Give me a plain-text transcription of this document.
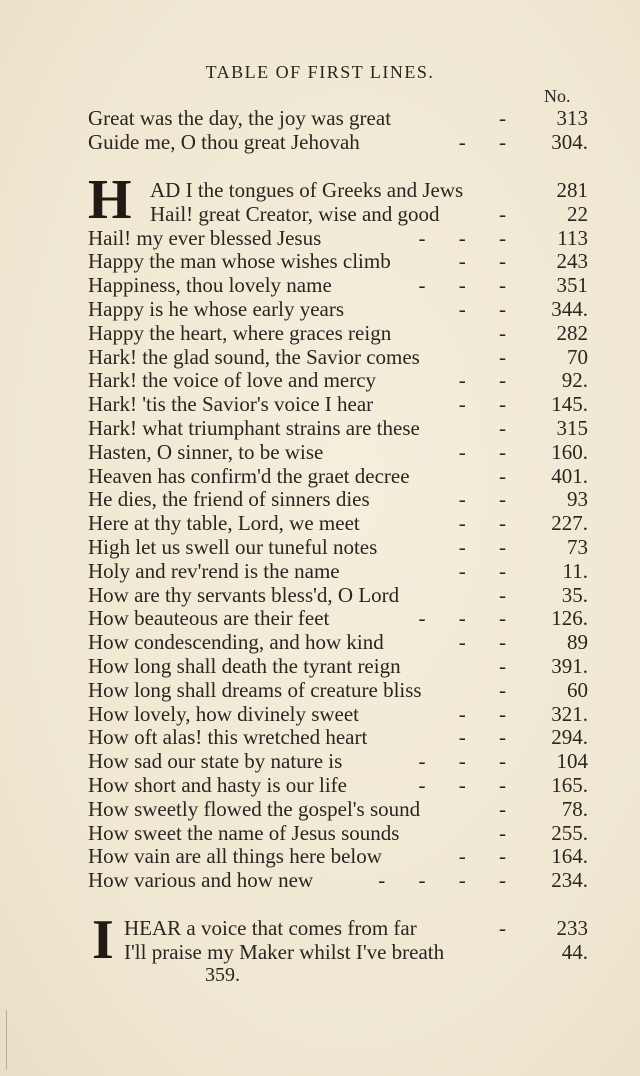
TABLE OF FIRST LINES.
No.
Great was the day, the joy was great	- 313
Guide me, O thou great Jehovah	- - 304.
H AD I the tongues of Greeks and Jews	281
Hail! great Creator, wise and good	- 22
Hail! my ever blessed Jesus	- - - 113
Happy the man whose wishes climb	- - 243
Happiness, thou lovely name	- - - 351
Happy is he whose early years	- - 344.
Happy the heart, where graces reign	- 282
Hark! the glad sound, the Savior comes	- 70
Hark! the voice of love and mercy	- - 92.
Hark! 'tis the Savior's voice I hear	- - 145.
Hark! what triumphant strains are these	- 315
Hasten, O sinner, to be wise	- - 160.
Heaven has confirm'd the graet decree	- 401.
He dies, the friend of sinners dies	- - 93
Here at thy table, Lord, we meet	- - 227.
High let us swell our tuneful notes	- - 73
Holy and rev'rend is the name	- - 11.
How are thy servants bless'd, O Lord	- 35.
How beauteous are their feet	- - - 126.
How condescending, and how kind	- - 89
How long shall death the tyrant reign	- 391.
How long shall dreams of creature bliss	- 60
How lovely, how divinely sweet	- - 321.
How oft alas! this wretched heart	- - 294.
How sad our state by nature is	- - - 104
How short and hasty is our life	- - - 165.
How sweetly flowed the gospel's sound	- 78.
How sweet the name of Jesus sounds	- 255.
How vain are all things here below	- - 164.
How various and how new	- - - - 234.
I HEAR a voice that comes from far	- 233
I'll praise my Maker whilst I've breath	44.
359.
